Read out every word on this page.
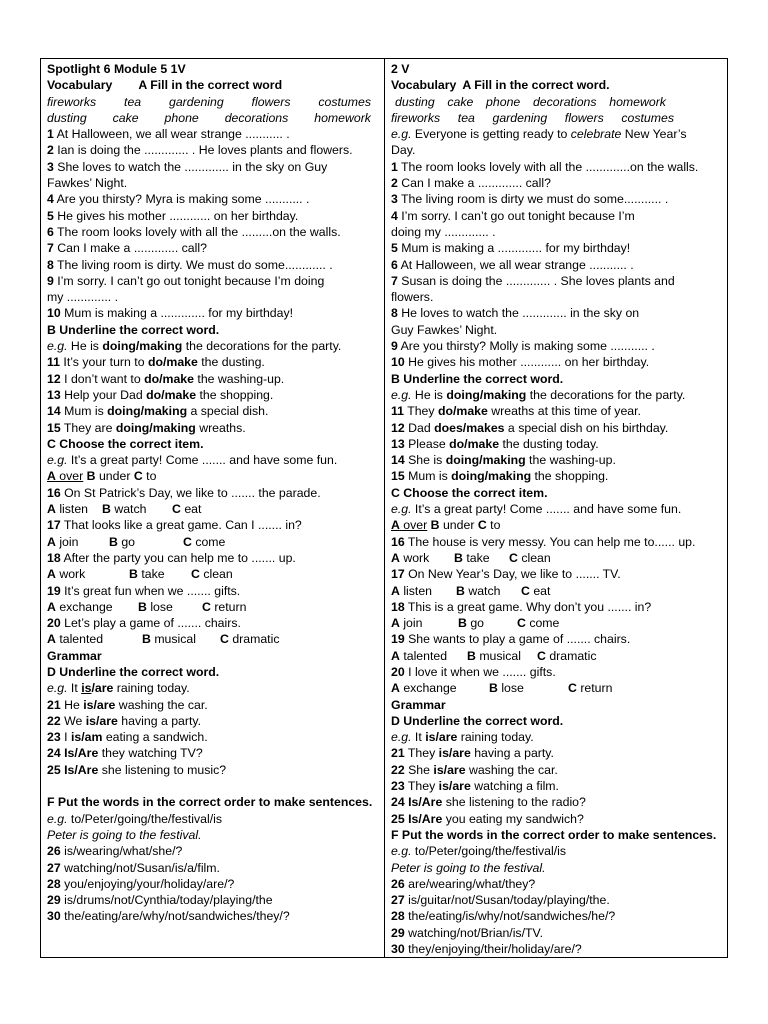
Spotlight 6 Module 5 1V
Vocabulary A Fill in the correct word
fireworks tea gardening flowers costumes
dusting cake phone decorations homework
1 At Halloween, we all wear strange ........... .
2 Ian is doing the ............. . He loves plants and flowers.
3 She loves to watch the ............. in the sky on Guy
Fawkes’ Night.
4 Are you thirsty? Myra is making some ........... .
5 He gives his mother ............ on her birthday.
6 The room looks lovely with all the .........on the walls.
7 Can I make a ............. call?
8 The living room is dirty. We must do some............ .
9 I’m sorry. I can’t go out tonight because I’m doing
my ............. .
10 Mum is making a ............. for my birthday!
B Underline the correct word.
e.g. He is doing/making the decorations for the party.
11 It’s your turn to do/make the dusting.
12 I don’t want to do/make the washing-up.
13 Help your Dad do/make the shopping.
14 Mum is doing/making a special dish.
15 They are doing/making wreaths.
C Choose the correct item.
e.g. It’s a great party! Come ....... and have some fun.
A over B under C to
16 On St Patrick’s Day, we like to ....... the parade.
A listen B watch C eat
17 That looks like a great game. Can I ....... in?
A join B go	C come
18 After the party you can help me to ....... up.
A work	B take C clean
19 It’s great fun when we ....... gifts.
A exchange B lose C return
20 Let’s play a game of ....... chairs.
A talented	B musical C dramatic
Grammar
D Underline the correct word.
e.g. It is/are raining today.
21 He is/are washing the car.
22 We is/are having a party.
23 I is/am eating a sandwich.
24 Is/Are they watching TV?
25 Is/Are she listening to music?
F Put the words in the correct order to make sentences.
e.g. to/Peter/going/the/festival/is
Peter is going to the festival.
26 is/wearing/what/she/?
27 watching/not/Susan/is/a/film.
28 you/enjoying/your/holiday/are/?
29 is/drums/not/Cynthia/today/playing/the
30 the/eating/are/why/not/sandwiches/they/?
2 V
Vocabulary A Fill in the correct word.
dusting cake phone decorations homework
fireworks tea gardening flowers costumes
e.g. Everyone is getting ready to celebrate New Year’s
Day.
1 The room looks lovely with all the .............on the walls.
2 Can I make a ............. call?
3 The living room is dirty we must do some........... .
4 I’m sorry. I can’t go out tonight because I’m
doing my ............. .
5 Mum is making a ............. for my birthday!
6 At Halloween, we all wear strange ........... .
7 Susan is doing the ............. . She loves plants and
flowers.
8 He loves to watch the ............. in the sky on
Guy Fawkes’ Night.
9 Are you thirsty? Molly is making some ........... .
10 He gives his mother ............ on her birthday.
B Underline the correct word.
e.g. He is doing/making the decorations for the party.
11 They do/make wreaths at this time of year.
12 Dad does/makes a special dish on his birthday.
13 Please do/make the dusting today.
14 She is doing/making the washing-up.
15 Mum is doing/making the shopping.
C Choose the correct item.
e.g. It’s a great party! Come ....... and have some fun.
A over B under C to
16 The house is very messy. You can help me to...... up.
A work B take C clean
17 On New Year’s Day, we like to ....... TV.
A listen B watch C eat
18 This is a great game. Why don’t you ....... in?
A join	B go	C come
19 She wants to play a game of ....... chairs.
A talented B musical C dramatic
20 I love it when we ....... gifts.
A exchange	B lose	C return
Grammar
D Underline the correct word.
e.g. It is/are raining today.
21 They is/are having a party.
22 She is/are washing the car.
23 They is/are watching a film.
24 Is/Are she listening to the radio?
25 Is/Are you eating my sandwich?
F Put the words in the correct order to make sentences.
e.g. to/Peter/going/the/festival/is
Peter is going to the festival.
26 are/wearing/what/they?
27 is/guitar/not/Susan/today/playing/the.
28 the/eating/is/why/not/sandwiches/he/?
29 watching/not/Brian/is/TV.
30 they/enjoying/their/holiday/are/?
